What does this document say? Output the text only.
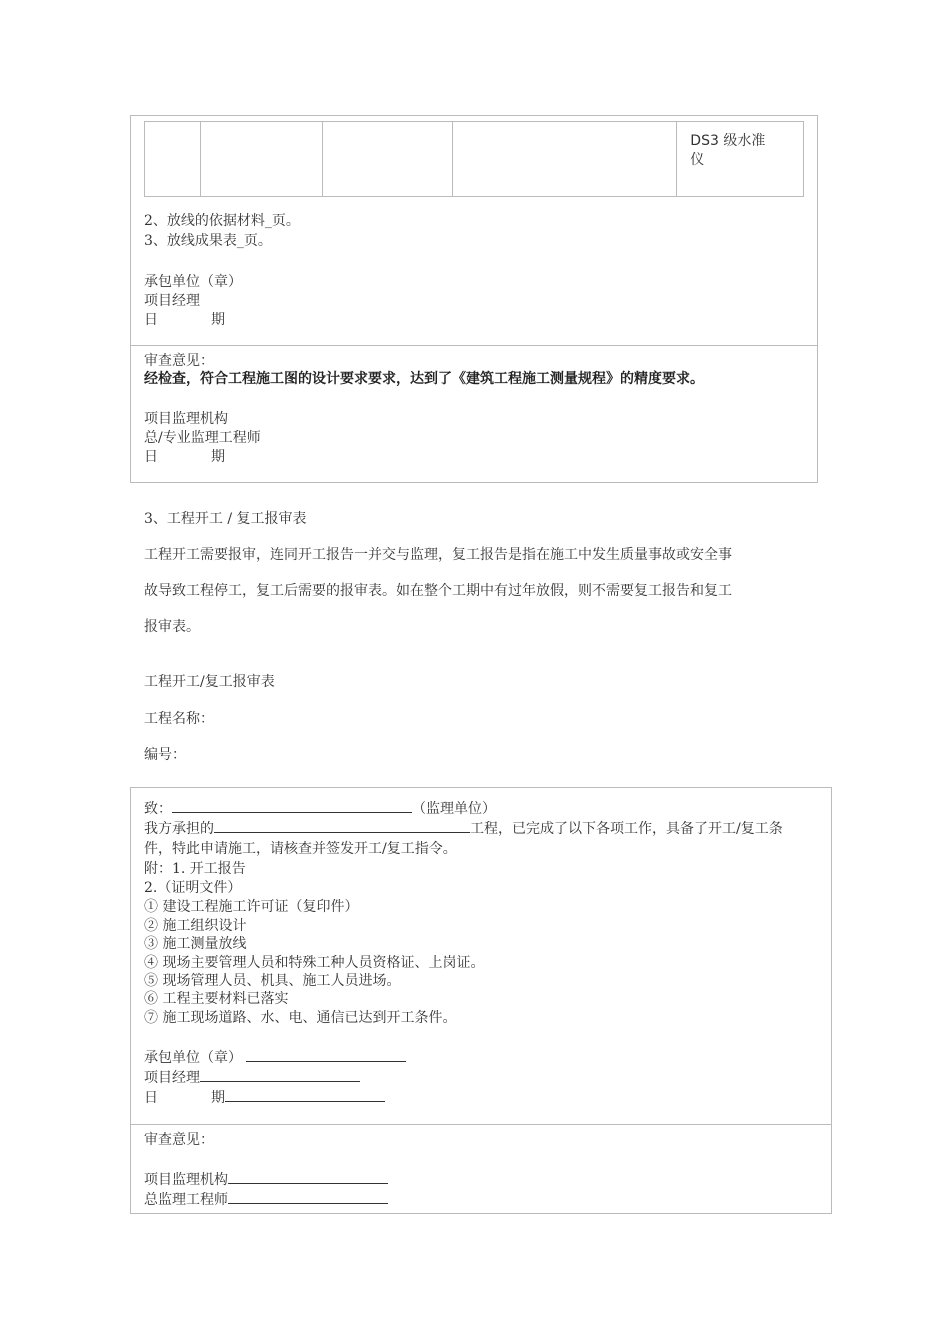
DS3 级水准
仪
2、放线的依据材料_页。
3、放线成果表_页。
承包单位（章）
项目经理
日	期
审查意见：
经检查，符合工程施工图的设计要求要求，达到了《建筑工程施工测量规程》的精度要求。
项目监理机构
总/专业监理工程师
日	期
3、工程开工 / 复工报审表
工程开工需要报审，连同开工报告一并交与监理，复工报告是指在施工中发生质量事故或安全事
故导致工程停工，复工后需要的报审表。如在整个工期中有过年放假，则不需要复工报告和复工
报审表。
工程开工/复工报审表
工程名称：
编号：
致：	（监理单位）
我方承担的	工程，已完成了以下各项工作，具备了开工/复工条
件，特此申请施工，请核查并签发开工/复工指令。
附：1. 开工报告
2.（证明文件）
① 建设工程施工许可证（复印件）
② 施工组织设计
③ 施工测量放线
④ 现场主要管理人员和特殊工种人员资格证、上岗证。
⑤ 现场管理人员、机具、施工人员进场。
⑥ 工程主要材料已落实
⑦ 施工现场道路、水、电、通信已达到开工条件。
承包单位（章）
项目经理
日	期
审查意见：
项目监理机构
总监理工程师
